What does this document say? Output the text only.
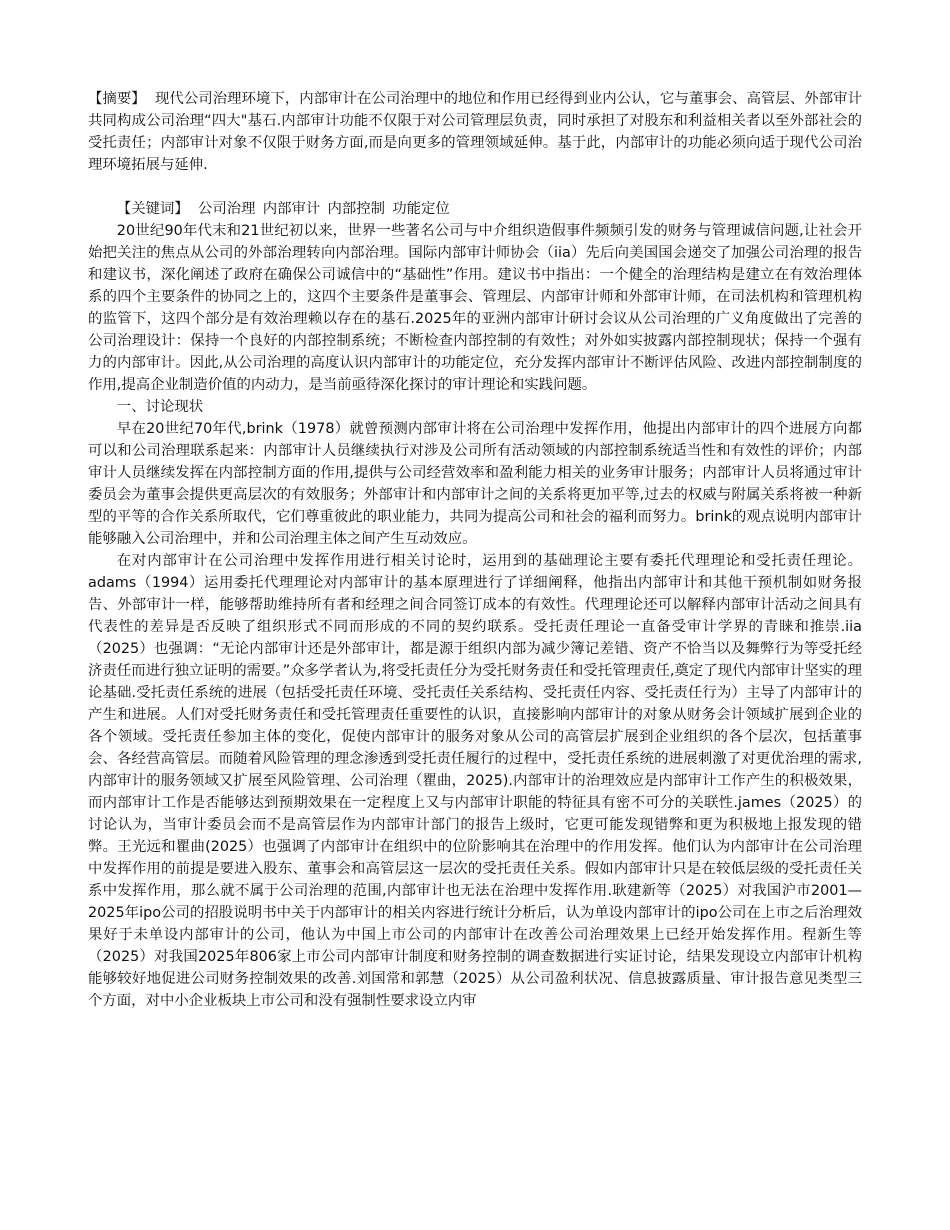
【摘要】 现代公司治理环境下，内部审计在公司治理中的地位和作用已经得到业内公认，它与董事会、高管层、外部审计共同构成公司治理“四大"基石.内部审计功能不仅限于对公司管理层负责，同时承担了对股东和利益相关者以至外部社会的受托责任；内部审计对象不仅限于财务方面,而是向更多的管理领域延伸。基于此，内部审计的功能必须向适于现代公司治理环境拓展与延伸.

【关键词】 公司治理 内部审计 内部控制 功能定位

20世纪90年代末和21世纪初以来，世界一些著名公司与中介组织造假事件频频引发的财务与管理诚信问题,让社会开始把关注的焦点从公司的外部治理转向内部治理。国际内部审计师协会（iia）先后向美国国会递交了加强公司治理的报告和建议书，深化阐述了政府在确保公司诚信中的“基础性”作用。建议书中指出：一个健全的治理结构是建立在有效治理体系的四个主要条件的协同之上的，这四个主要条件是董事会、管理层、内部审计师和外部审计师，在司法机构和管理机构的监管下，这四个部分是有效治理赖以存在的基石.2025年的亚洲内部审计研讨会议从公司治理的广义角度做出了完善的公司治理设计：保持一个良好的内部控制系统；不断检查内部控制的有效性；对外如实披露内部控制现状；保持一个强有力的内部审计。因此,从公司治理的高度认识内部审计的功能定位，充分发挥内部审计不断评估风险、改进内部控制制度的作用,提高企业制造价值的内动力，是当前亟待深化探讨的审计理论和实践问题。

一、讨论现状

早在20世纪70年代,brink（1978）就曾预测内部审计将在公司治理中发挥作用，他提出内部审计的四个进展方向都可以和公司治理联系起来：内部审计人员继续执行对涉及公司所有活动领域的内部控制系统适当性和有效性的评价；内部审计人员继续发挥在内部控制方面的作用,提供与公司经营效率和盈利能力相关的业务审计服务；内部审计人员将通过审计委员会为董事会提供更高层次的有效服务；外部审计和内部审计之间的关系将更加平等,过去的权威与附属关系将被一种新型的平等的合作关系所取代，它们尊重彼此的职业能力，共同为提高公司和社会的福利而努力。brink的观点说明内部审计能够融入公司治理中，并和公司治理主体之间产生互动效应。

在对内部审计在公司治理中发挥作用进行相关讨论时，运用到的基础理论主要有委托代理理论和受托责任理论。adams（1994）运用委托代理理论对内部审计的基本原理进行了详细阐释，他指出内部审计和其他干预机制如财务报告、外部审计一样，能够帮助维持所有者和经理之间合同签订成本的有效性。代理理论还可以解释内部审计活动之间具有代表性的差异是否反映了组织形式不同而形成的不同的契约联系。受托责任理论一直备受审计学界的青睐和推崇.iia（2025）也强调：“无论内部审计还是外部审计，都是源于组织内部为减少簿记差错、资产不恰当以及舞弊行为等受托经济责任而进行独立证明的需要。”众多学者认为,将受托责任分为受托财务责任和受托管理责任,奠定了现代内部审计坚实的理论基础.受托责任系统的进展（包括受托责任环境、受托责任关系结构、受托责任内容、受托责任行为）主导了内部审计的产生和进展。人们对受托财务责任和受托管理责任重要性的认识，直接影响内部审计的对象从财务会计领域扩展到企业的各个领域。受托责任参加主体的变化，促使内部审计的服务对象从公司的高管层扩展到企业组织的各个层次，包括董事会、各经营高管层。而随着风险管理的理念渗透到受托责任履行的过程中，受托责任系统的进展刺激了对更优治理的需求,内部审计的服务领域又扩展至风险管理、公司治理（瞿曲，2025).内部审计的治理效应是内部审计工作产生的积极效果，而内部审计工作是否能够达到预期效果在一定程度上又与内部审计职能的特征具有密不可分的关联性.james（2025）的讨论认为，当审计委员会而不是高管层作为内部审计部门的报告上级时，它更可能发现错弊和更为积极地上报发现的错弊。王光远和瞿曲(2025）也强调了内部审计在组织中的位阶影响其在治理中的作用发挥。他们认为内部审计在公司治理中发挥作用的前提是要进入股东、董事会和高管层这一层次的受托责任关系。假如内部审计只是在较低层级的受托责任关系中发挥作用，那么就不属于公司治理的范围,内部审计也无法在治理中发挥作用.耿建新等（2025）对我国沪市2001—2025年ipo公司的招股说明书中关于内部审计的相关内容进行统计分析后，认为单设内部审计的ipo公司在上市之后治理效果好于未单设内部审计的公司，他认为中国上市公司的内部审计在改善公司治理效果上已经开始发挥作用。程新生等（2025）对我国2025年806家上市公司内部审计制度和财务控制的调查数据进行实证讨论，结果发现设立内部审计机构能够较好地促进公司财务控制效果的改善.刘国常和郭慧（2025）从公司盈利状况、信息披露质量、审计报告意见类型三个方面，对中小企业板块上市公司和没有强制性要求设立内审
